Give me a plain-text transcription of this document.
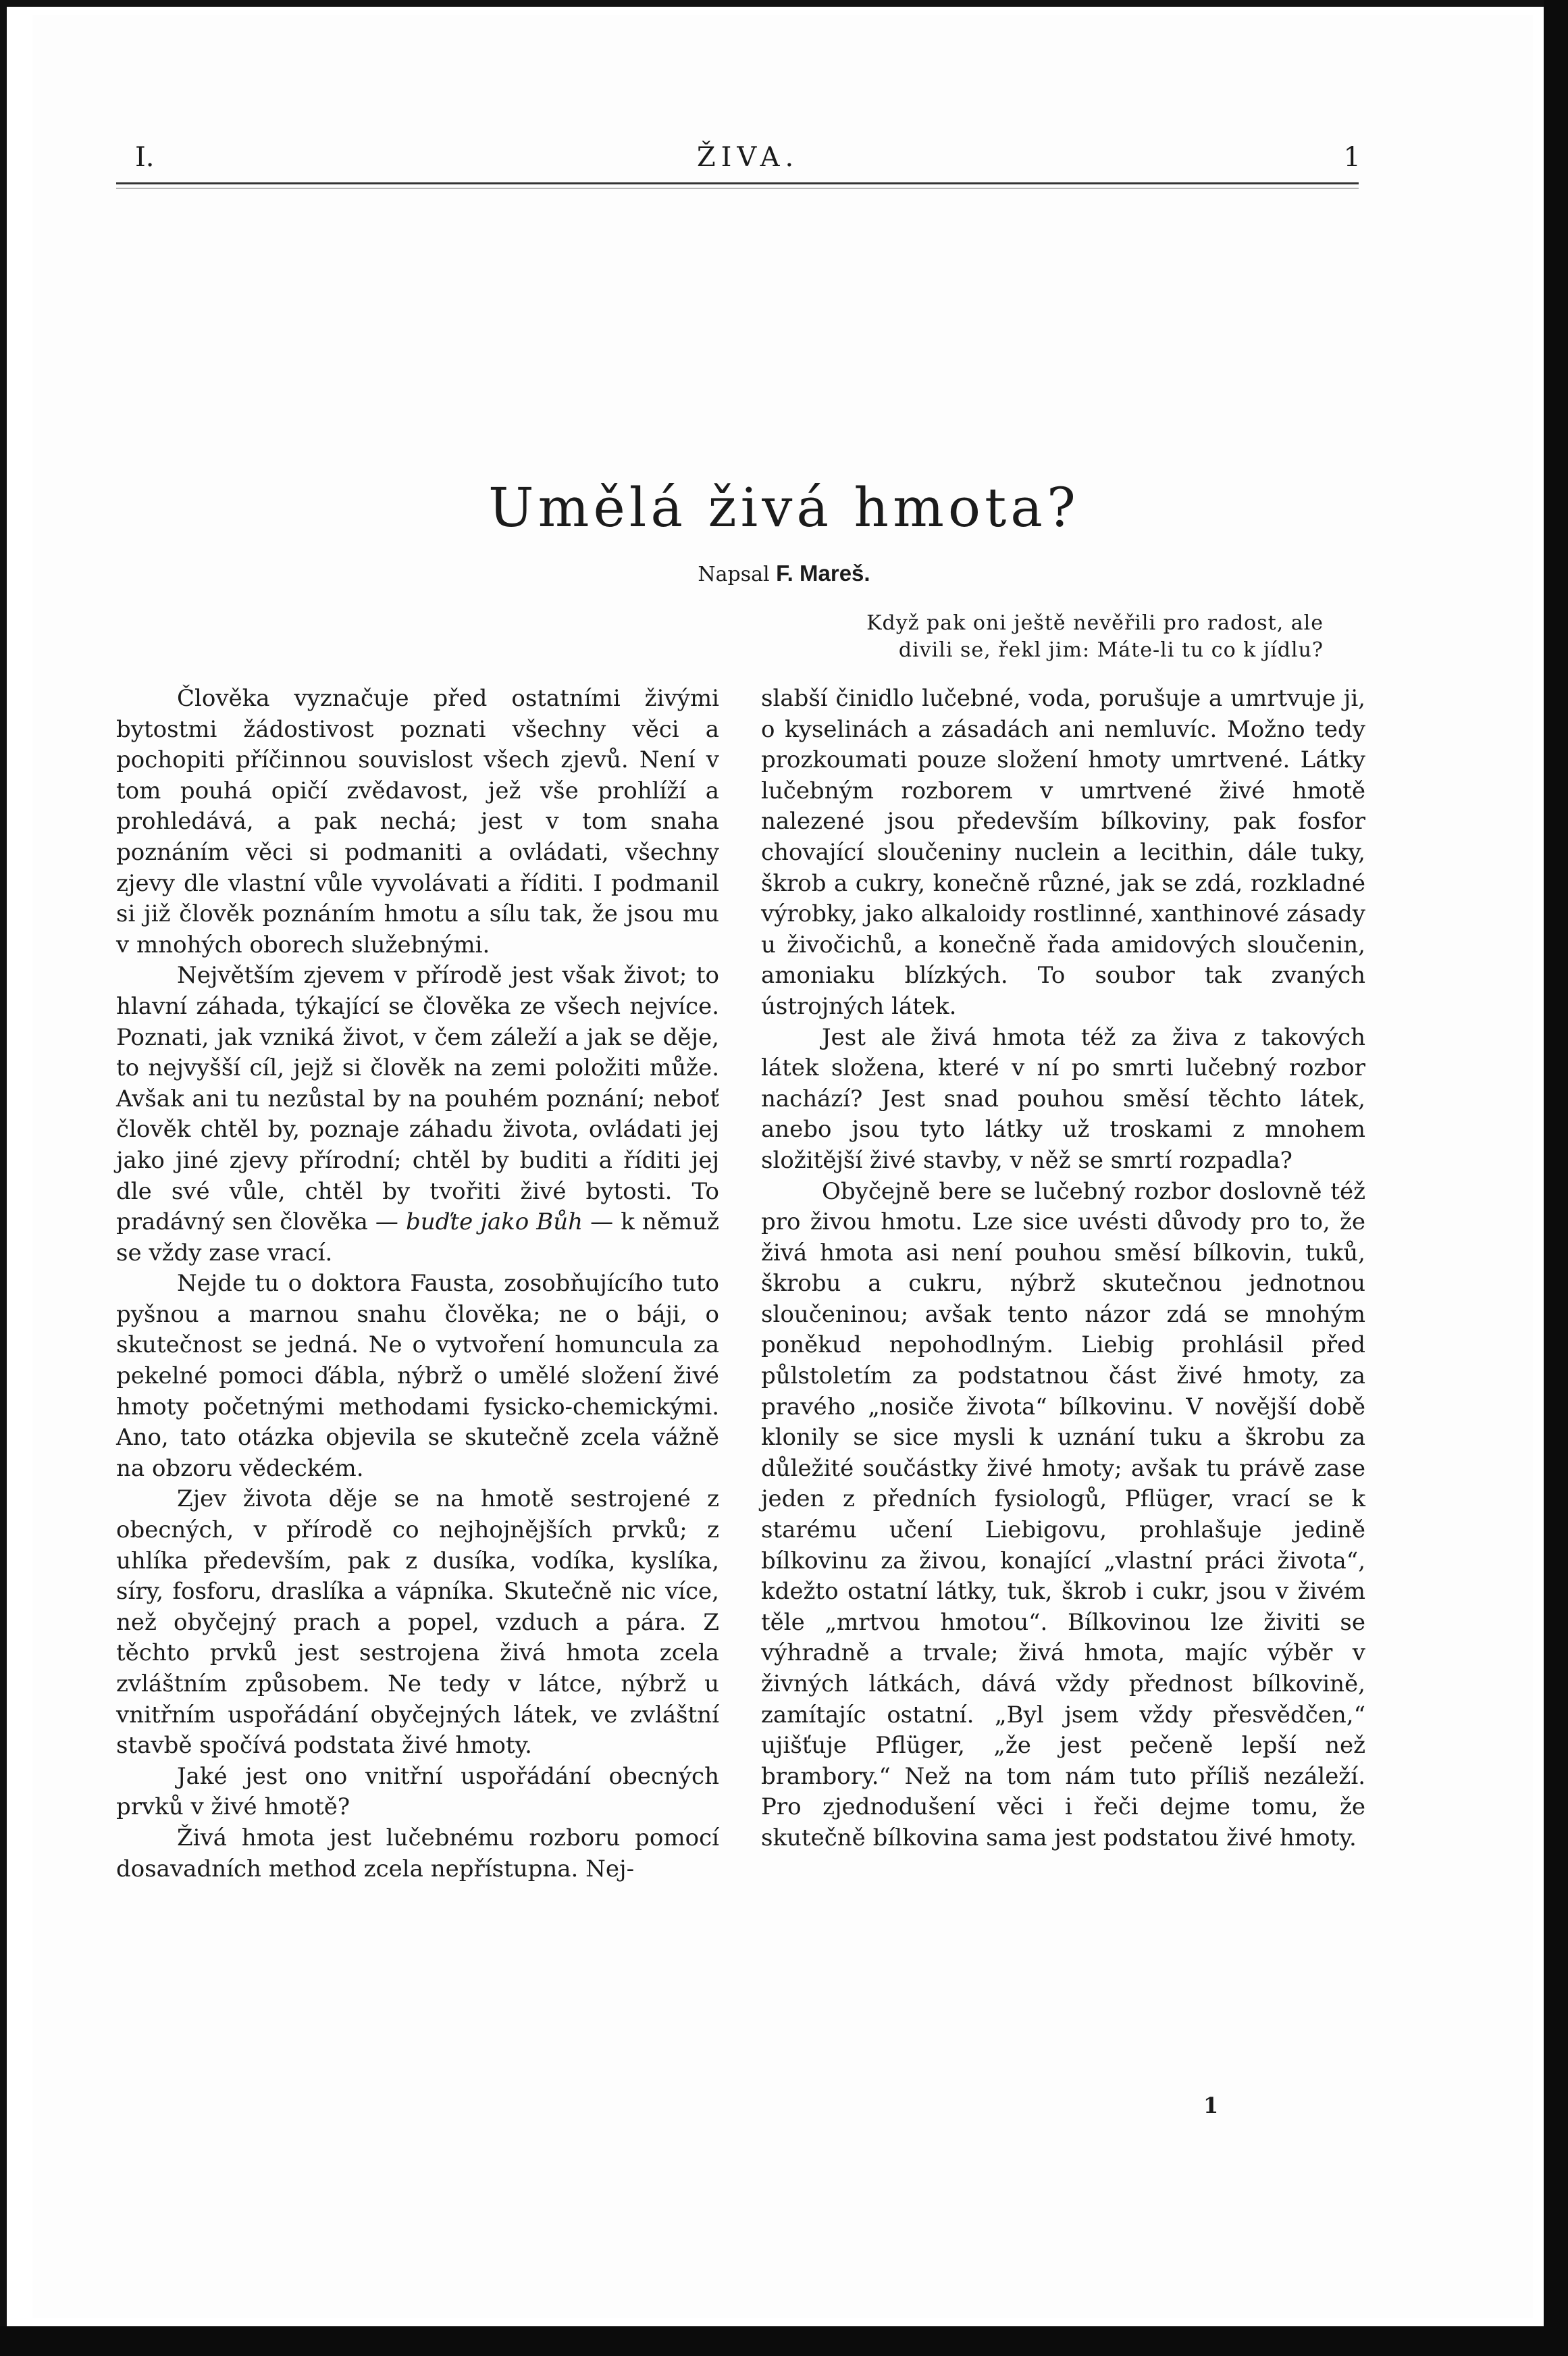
I.	ŽIVA.	1
Umělá živá hmota?
Napsal F. Mareš.
Když pak oni ještě nevěřili pro radost, ale
divili se, řekl jim: Máte-li tu co k jídlu?

Člověka vyznačuje před ostatními živými bytostmi žádostivost poznati všechny věci a pochopiti příčinnou souvislost všech zjevů. Není v tom pouhá opičí zvědavost, jež vše prohlíží a prohledává, a pak nechá; jest v tom snaha poznáním věci si podmaniti a ovládati, všechny zjevy dle vlastní vůle vyvolávati a říditi. I podmanil si již člověk poznáním hmotu a sílu tak, že jsou mu v mnohých oborech služebnými.

Největším zjevem v přírodě jest však život; to hlavní záhada, týkající se člověka ze všech nejvíce. Poznati, jak vzniká život, v čem záleží a jak se děje, to nejvyšší cíl, jejž si člověk na zemi položiti může. Avšak ani tu nezůstal by na pouhém poznání; neboť člověk chtěl by, poznaje záhadu života, ovládati jej jako jiné zjevy přírodní; chtěl by buditi a říditi jej dle své vůle, chtěl by tvořiti živé bytosti. To pradávný sen člověka — buďte jako Bůh — k němuž se vždy zase vrací.

Nejde tu o doktora Fausta, zosobňujícího tuto pyšnou a marnou snahu člověka; ne o báji, o skutečnost se jedná. Ne o vytvoření homuncula za pekelné pomoci ďábla, nýbrž o umělé složení živé hmoty početnými methodami fysicko-chemickými. Ano, tato otázka objevila se skutečně zcela vážně na obzoru vědeckém.

Zjev života děje se na hmotě sestrojené z obecných, v přírodě co nejhojnějších prvků; z uhlíka především, pak z dusíka, vodíka, kyslíka, síry, fosforu, draslíka a vápníka. Skutečně nic více, než obyčejný prach a popel, vzduch a pára. Z těchto prvků jest sestrojena živá hmota zcela zvláštním způsobem. Ne tedy v látce, nýbrž u vnitřním uspořádání obyčejných látek, ve zvláštní stavbě spočívá podstata živé hmoty.

Jaké jest ono vnitřní uspořádání obecných prvků v živé hmotě?

Živá hmota jest lučebnému rozboru pomocí dosavadních method zcela nepřístupna. Nej-

slabší činidlo lučebné, voda, porušuje a umrtvuje ji, o kyselinách a zásadách ani nemluvíc. Možno tedy prozkoumati pouze složení hmoty umrtvené. Látky lučebným rozborem v umrtvené živé hmotě nalezené jsou především bílkoviny, pak fosfor chovající sloučeniny nuclein a lecithin, dále tuky, škrob a cukry, konečně různé, jak se zdá, rozkladné výrobky, jako alkaloidy rostlinné, xanthinové zásady u živočichů, a konečně řada amidových sloučenin, amoniaku blízkých. To soubor tak zvaných ústrojných látek.

Jest ale živá hmota též za živa z takových látek složena, které v ní po smrti lučebný rozbor nachází? Jest snad pouhou směsí těchto látek, anebo jsou tyto látky už troskami z mnohem složitější živé stavby, v něž se smrtí rozpadla?

Obyčejně bere se lučebný rozbor doslovně též pro živou hmotu. Lze sice uvésti důvody pro to, že živá hmota asi není pouhou směsí bílkovin, tuků, škrobu a cukru, nýbrž skutečnou jednotnou sloučeninou; avšak tento názor zdá se mnohým poněkud nepohodlným. Liebig prohlásil před půlstoletím za podstatnou část živé hmoty, za pravého „nosiče života“ bílkovinu. V novější době klonily se sice mysli k uznání tuku a škrobu za důležité součástky živé hmoty; avšak tu právě zase jeden z předních fysiologů, Pflüger, vrací se k starému učení Liebigovu, prohlašuje jedině bílkovinu za živou, konající „vlastní práci života“, kdežto ostatní látky, tuk, škrob i cukr, jsou v živém těle „mrtvou hmotou“. Bílkovinou lze živiti se výhradně a trvale; živá hmota, majíc výběr v živných látkách, dává vždy přednost bílkovině, zamítajíc ostatní. „Byl jsem vždy přesvědčen,“ ujišťuje Pflüger, „že jest pečeně lepší než brambory.“ Než na tom nám tuto příliš nezáleží. Pro zjednodušení věci i řeči dejme tomu, že skutečně bílkovina sama jest podstatou živé hmoty.

1
